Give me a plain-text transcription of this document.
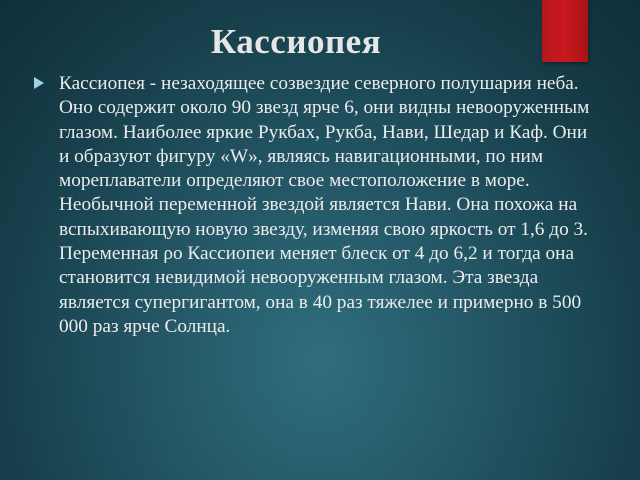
Кассиопея

Кассиопея - незаходящее созвездие северного полушария неба. Оно содержит около 90 звезд ярче 6, они видны невооруженным глазом. Наиболее яркие Рукбах, Рукба, Нави, Шедар и Каф. Они и образуют фигуру «W», являясь навигационными, по ним мореплаватели определяют свое местоположение в море. Необычной переменной звездой является Нави. Она похожа на вспыхивающую новую звезду, изменяя свою яркость от 1,6 до 3. Переменная ρо Кассиопеи меняет блеск от 4 до 6,2 и тогда она становится невидимой невооруженным глазом. Эта звезда является супергигантом, она в 40 раз тяжелее и примерно в 500 000 раз ярче Солнца.
